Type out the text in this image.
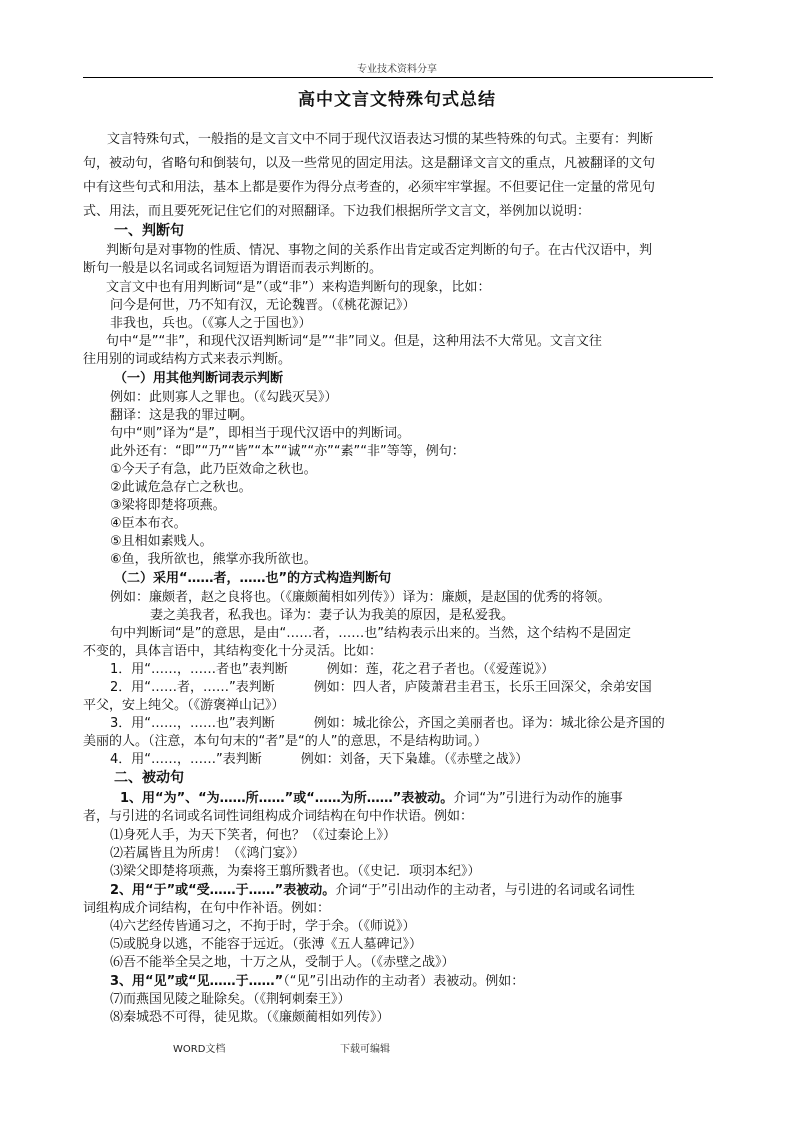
专业技术资料分享
高中文言文特殊句式总结
文言特殊句式，一般指的是文言文中不同于现代汉语表达习惯的某些特殊的句式。主要有：判断
句，被动句，省略句和倒装句，以及一些常见的固定用法。这是翻译文言文的重点，凡被翻译的文句
中有这些句式和用法，基本上都是要作为得分点考查的，必须牢牢掌握。不但要记住一定量的常见句
式、用法，而且要死死记住它们的对照翻译。下边我们根据所学文言文，举例加以说明：
一、判断句
判断句是对事物的性质、情况、事物之间的关系作出肯定或否定判断的句子。在古代汉语中，判
断句一般是以名词或名词短语为谓语而表示判断的。
文言文中也有用判断词“是”（或“非”）来构造判断句的现象，比如：
问今是何世，乃不知有汉，无论魏晋。（《桃花源记》）
非我也，兵也。（《寡人之于国也》）
句中“是”“非”，和现代汉语判断词“是”“非”同义。但是，这种用法不大常见。文言文往
往用别的词或结构方式来表示判断。
（一）用其他判断词表示判断
例如：此则寡人之罪也。（《勾践灭吴》）
翻译：这是我的罪过啊。
句中“则”译为“是”，即相当于现代汉语中的判断词。
此外还有：“即”“乃”“皆”“本”“诚”“亦”“素”“非”等等，例句：
①今天子有急，此乃臣效命之秋也。
②此诚危急存亡之秋也。
③梁将即楚将项燕。
④臣本布衣。
⑤且相如素贱人。
⑥鱼，我所欲也，熊掌亦我所欲也。
（二）采用“……者，……也”的方式构造判断句
例如：廉颇者，赵之良将也。（《廉颇蔺相如列传》）译为：廉颇，是赵国的优秀的将领。
妻之美我者，私我也。译为：妻子认为我美的原因，是私爱我。
句中判断词“是”的意思，是由“……者，……也”结构表示出来的。当然，这个结构不是固定
不变的，具体言语中，其结构变化十分灵活。比如：
1．用“……，……者也”表判断　　　例如：莲，花之君子者也。（《爱莲说》）
2．用“……者，……”表判断　　　例如：四人者，庐陵萧君圭君玉，长乐王回深父，余弟安国
平父，安上纯父。（《游褒禅山记》）
3．用“……，……也”表判断　　　例如：城北徐公，齐国之美丽者也。译为：城北徐公是齐国的
美丽的人。（注意，本句句末的“者”是“的人”的意思，不是结构助词。）
4．用“……，……”表判断　　　例如：刘备，天下枭雄。（《赤壁之战》）
二、被动句
1、用“为”、“为……所……”或“……为所……”表被动。介词“为”引进行为动作的施事
者，与引进的名词或名词性词组构成介词结构在句中作状语。例如：
⑴身死人手，为天下笑者，何也？（《过秦论上》）
⑵若属皆且为所虏！（《鸿门宴》）
⑶梁父即楚将项燕，为秦将王翦所戮者也。（《史记．项羽本纪》）
2、用“于”或“受……于……”表被动。介词“于”引出动作的主动者，与引进的名词或名词性
词组构成介词结构，在句中作补语。例如：
⑷六艺经传皆通习之，不拘于时，学于余。（《师说》）
⑸或脱身以逃，不能容于远近。（张溥《五人墓碑记》）
⑹吾不能举全吴之地，十万之从，受制于人。（《赤壁之战》）
3、用“见”或“见……于……”（“见”引出动作的主动者）表被动。例如：
⑺而燕国见陵之耻除矣。（《荆轲刺秦王》）
⑻秦城恐不可得，徒见欺。（《廉颇蔺相如列传》）
WORD文档	下载可编辑
